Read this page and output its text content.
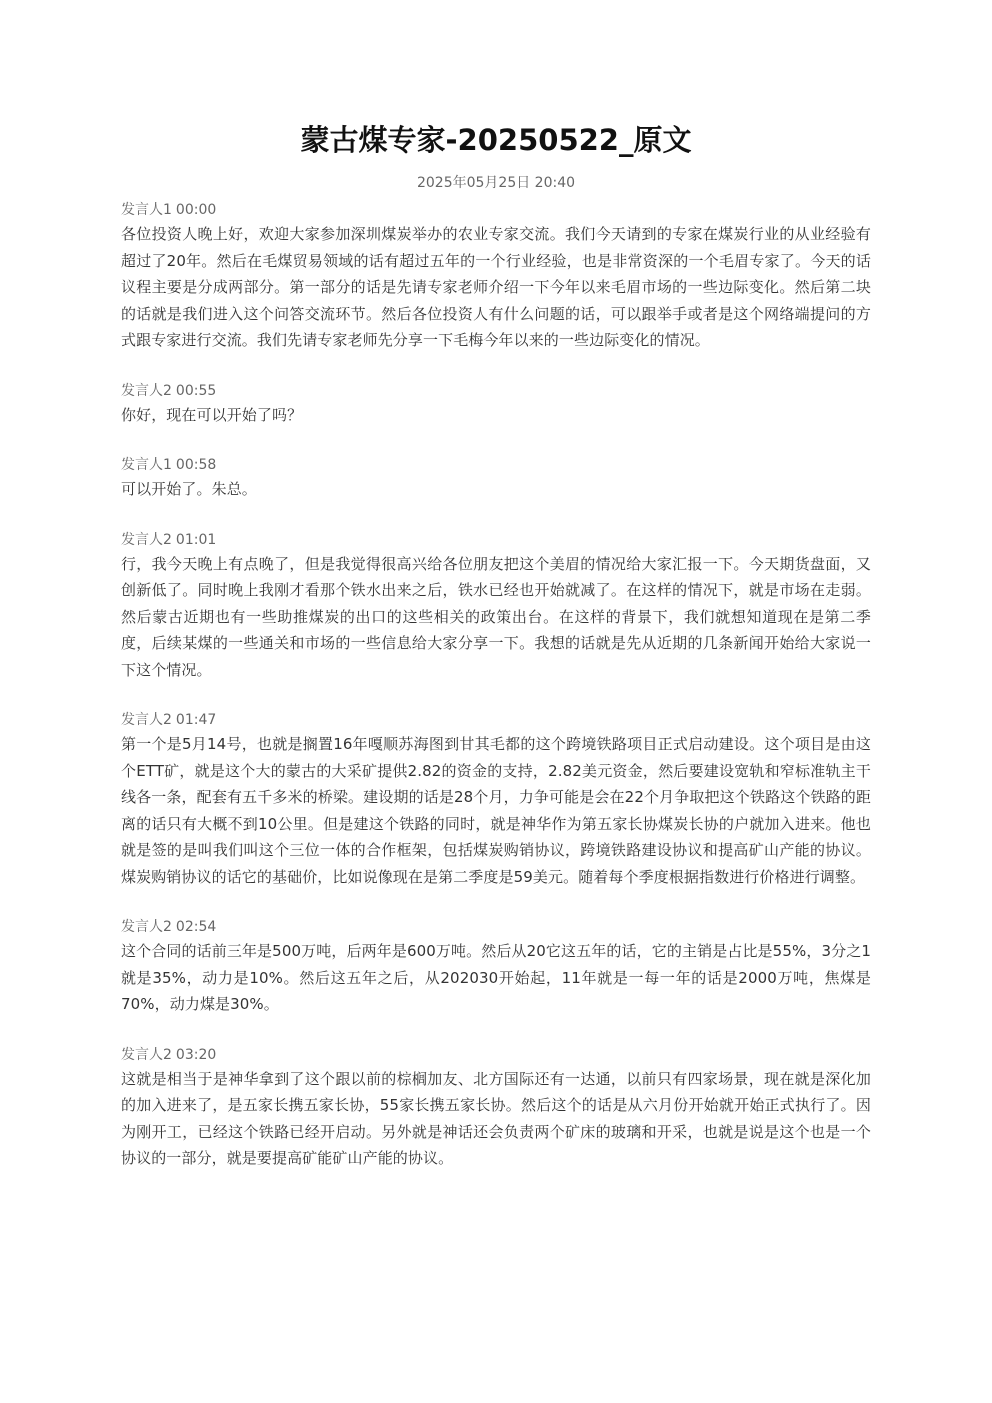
蒙古煤专家-20250522_原文
2025年05月25日 20:40
发言人1 00:00

各位投资人晚上好，欢迎大家参加深圳煤炭举办的农业专家交流。我们今天请到的专家在煤炭行业的从业经验有超过了20年。然后在毛煤贸易领域的话有超过五年的一个行业经验，也是非常资深的一个毛眉专家了。今天的话议程主要是分成两部分。第一部分的话是先请专家老师介绍一下今年以来毛眉市场的一些边际变化。然后第二块的话就是我们进入这个问答交流环节。然后各位投资人有什么问题的话，可以跟举手或者是这个网络端提问的方式跟专家进行交流。我们先请专家老师先分享一下毛梅今年以来的一些边际变化的情况。

发言人2 00:55

你好，现在可以开始了吗？

发言人1 00:58

可以开始了。朱总。

发言人2 01:01

行，我今天晚上有点晚了，但是我觉得很高兴给各位朋友把这个美眉的情况给大家汇报一下。今天期货盘面，又创新低了。同时晚上我刚才看那个铁水出来之后，铁水已经也开始就减了。在这样的情况下，就是市场在走弱。然后蒙古近期也有一些助推煤炭的出口的这些相关的政策出台。在这样的背景下，我们就想知道现在是第二季度，后续某煤的一些通关和市场的一些信息给大家分享一下。我想的话就是先从近期的几条新闻开始给大家说一下这个情况。

发言人2 01:47

第一个是5月14号，也就是搁置16年嘎顺苏海图到甘其毛都的这个跨境铁路项目正式启动建设。这个项目是由这个ETT矿，就是这个大的蒙古的大采矿提供2.82的资金的支持，2.82美元资金，然后要建设宽轨和窄标准轨主干线各一条，配套有五千多米的桥梁。建设期的话是28个月，力争可能是会在22个月争取把这个铁路这个铁路的距离的话只有大概不到10公里。但是建这个铁路的同时，就是神华作为第五家长协煤炭长协的户就加入进来。他也就是签的是叫我们叫这个三位一体的合作框架，包括煤炭购销协议，跨境铁路建设协议和提高矿山产能的协议。煤炭购销协议的话它的基础价，比如说像现在是第二季度是59美元。随着每个季度根据指数进行价格进行调整。

发言人2 02:54

这个合同的话前三年是500万吨，后两年是600万吨。然后从20它这五年的话，它的主销是占比是55%，3分之1就是35%，动力是10%。然后这五年之后，从202030开始起，11年就是一每一年的话是2000万吨，焦煤是70%，动力煤是30%。

发言人2 03:20

这就是相当于是神华拿到了这个跟以前的棕榈加友、北方国际还有一达通，以前只有四家场景，现在就是深化加的加入进来了，是五家长携五家长协，55家长携五家长协。然后这个的话是从六月份开始就开始正式执行了。因为刚开工，已经这个铁路已经开启动。另外就是神话还会负责两个矿床的玻璃和开采，也就是说是这个也是一个协议的一部分，就是要提高矿能矿山产能的协议。
